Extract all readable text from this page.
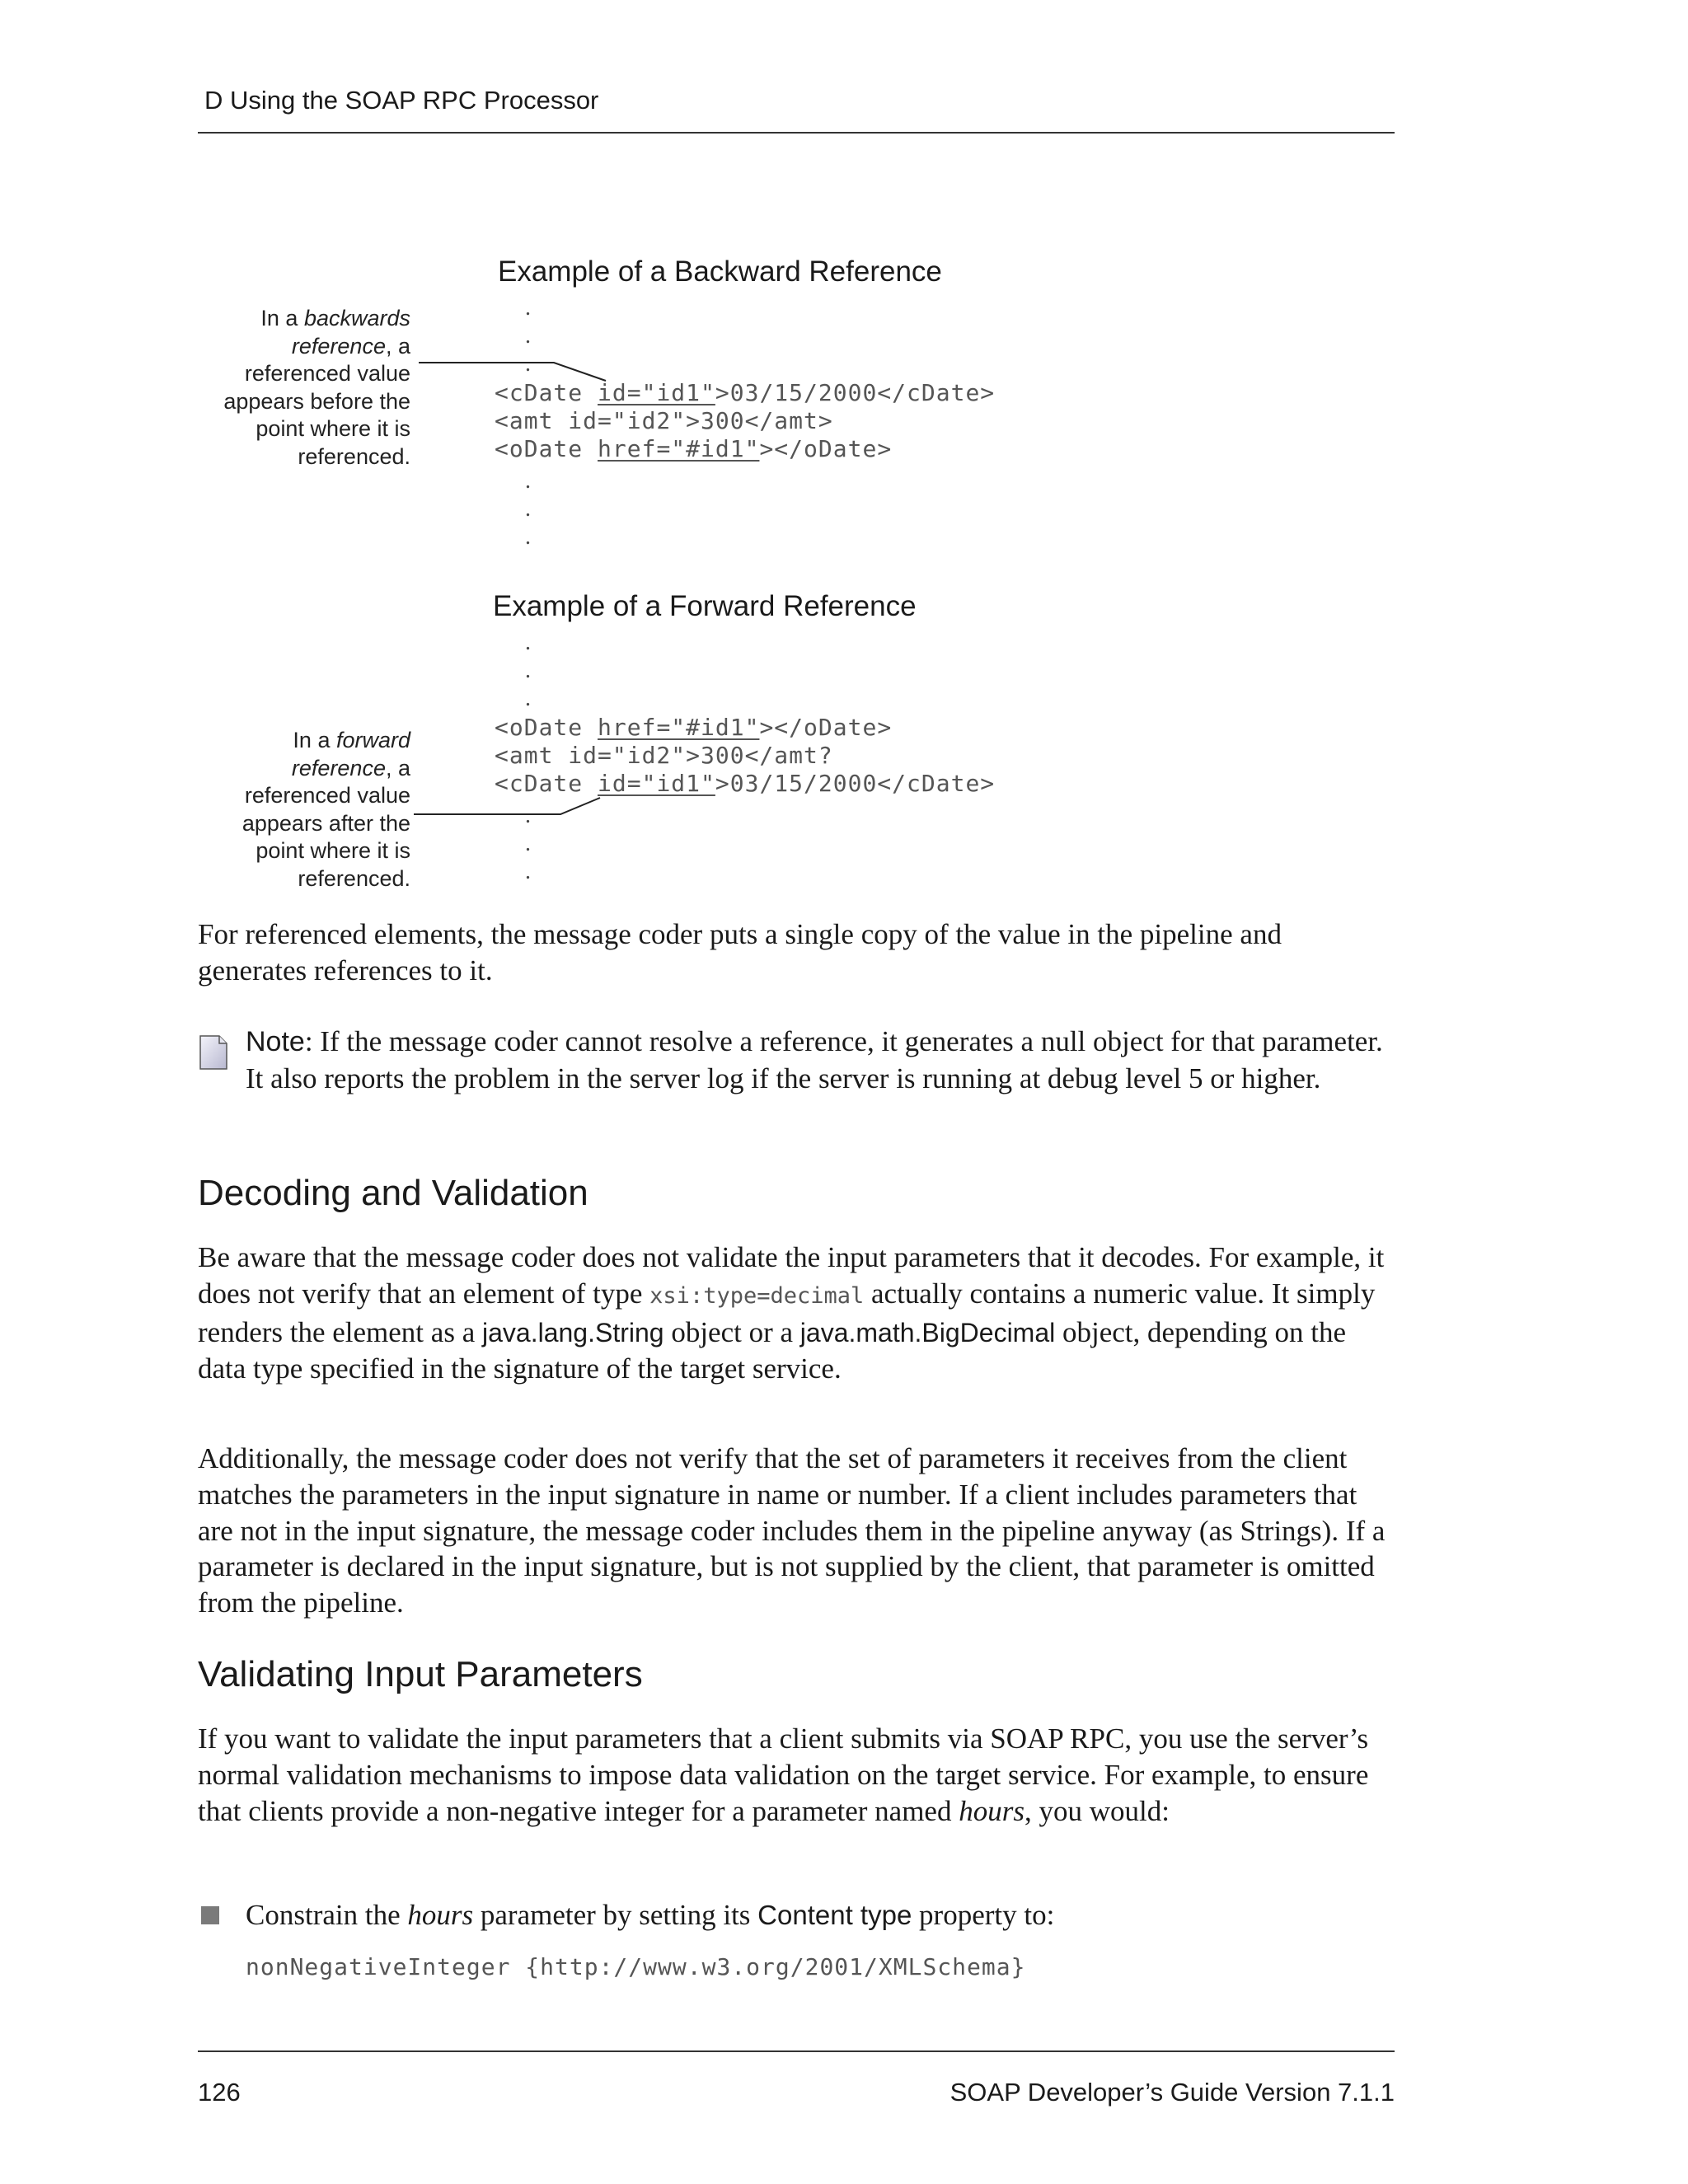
D Using the SOAP RPC Processor
Example of a Backward Reference
In a backwards reference, a referenced value appears before the point where it is referenced.
.
.
.
<cDate id="id1">03/15/2000</cDate>
<amt id="id2">300</amt>
<oDate href="#id1"></oDate>
.
.
.
Example of a Forward Reference
In a forward reference, a referenced value appears after the point where it is referenced.
.
.
.
<oDate href="#id1"></oDate>
<amt id="id2">300</amt?
<cDate id="id1">03/15/2000</cDate>
.
.
.
For referenced elements, the message coder puts a single copy of the value in the pipeline and generates references to it.
Note: If the message coder cannot resolve a reference, it generates a null object for that parameter. It also reports the problem in the server log if the server is running at debug level 5 or higher.
Decoding and Validation
Be aware that the message coder does not validate the input parameters that it decodes. For example, it does not verify that an element of type xsi:type=decimal actually contains a numeric value. It simply renders the element as a java.lang.String object or a java.math.BigDecimal object, depending on the data type specified in the signature of the target service.
Additionally, the message coder does not verify that the set of parameters it receives from the client matches the parameters in the input signature in name or number. If a client includes parameters that are not in the input signature, the message coder includes them in the pipeline anyway (as Strings). If a parameter is declared in the input signature, but is not supplied by the client, that parameter is omitted from the pipeline.
Validating Input Parameters
If you want to validate the input parameters that a client submits via SOAP RPC, you use the server’s normal validation mechanisms to impose data validation on the target service. For example, to ensure that clients provide a non-negative integer for a parameter named hours, you would:
Constrain the hours parameter by setting its Content type property to:
nonNegativeInteger {http://www.w3.org/2001/XMLSchema}
126	SOAP Developer’s Guide Version 7.1.1
